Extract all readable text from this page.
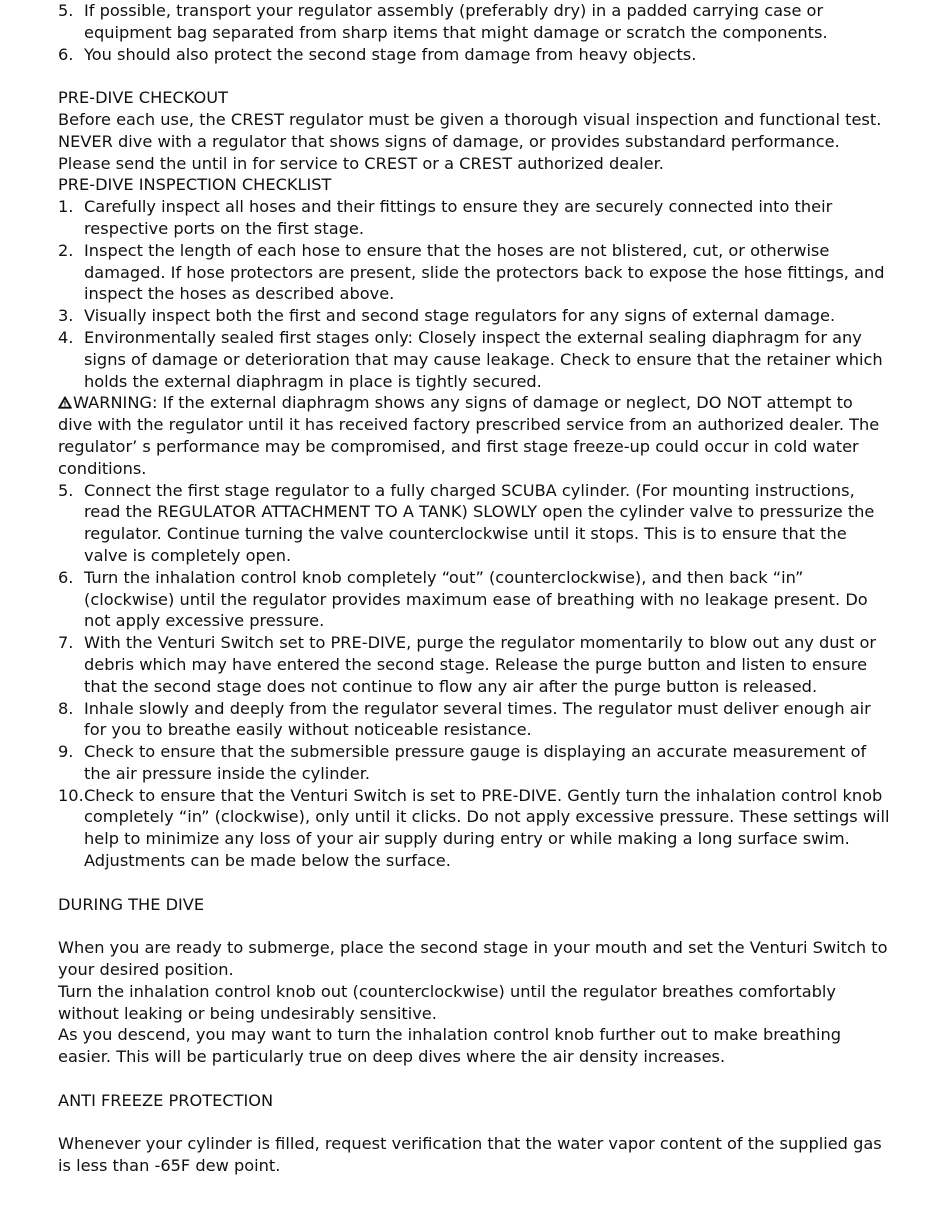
5. If possible, transport your regulator assembly (preferably dry) in a padded carrying case or equipment bag separated from sharp items that might damage or scratch the components.
6. You should also protect the second stage from damage from heavy objects.
PRE-DIVE CHECKOUT

Before each use, the CREST regulator must be given a thorough visual inspection and functional test. NEVER dive with a regulator that shows signs of damage, or provides substandard performance. Please send the until in for service to CREST or a CREST authorized dealer.

PRE-DIVE INSPECTION CHECKLIST
1. Carefully inspect all hoses and their fittings to ensure they are securely connected into their respective ports on the first stage.
2. Inspect the length of each hose to ensure that the hoses are not blistered, cut, or otherwise damaged. If hose protectors are present, slide the protectors back to expose the hose fittings, and inspect the hoses as described above.
3. Visually inspect both the first and second stage regulators for any signs of external damage.
4. Environmentally sealed first stages only: Closely inspect the external sealing diaphragm for any signs of damage or deterioration that may cause leakage. Check to ensure that the retainer which holds the external diaphragm in place is tightly secured.

WARNING: If the external diaphragm shows any signs of damage or neglect, DO NOT attempt to dive with the regulator until it has received factory prescribed service from an authorized dealer. The regulator’ s performance may be compromised, and first stage freeze-up could occur in cold water conditions.

5. Connect the first stage regulator to a fully charged SCUBA cylinder. (For mounting instructions, read the REGULATOR ATTACHMENT TO A TANK) SLOWLY open the cylinder valve to pressurize the regulator. Continue turning the valve counterclockwise until it stops. This is to ensure that the valve is completely open.
6. Turn the inhalation control knob completely “out” (counterclockwise), and then back “in” (clockwise) until the regulator provides maximum ease of breathing with no leakage present. Do not apply excessive pressure.
7. With the Venturi Switch set to PRE-DIVE, purge the regulator momentarily to blow out any dust or debris which may have entered the second stage. Release the purge button and listen to ensure that the second stage does not continue to flow any air after the purge button is released.
8. Inhale slowly and deeply from the regulator several times. The regulator must deliver enough air for you to breathe easily without noticeable resistance.
9. Check to ensure that the submersible pressure gauge is displaying an accurate measurement of the air pressure inside the cylinder.
10. Check to ensure that the Venturi Switch is set to PRE-DIVE. Gently turn the inhalation control knob completely “in” (clockwise), only until it clicks. Do not apply excessive pressure. These settings will help to minimize any loss of your air supply during entry or while making a long surface swim. Adjustments can be made below the surface.
DURING THE DIVE

When you are ready to submerge, place the second stage in your mouth and set the Venturi Switch to your desired position.

Turn the inhalation control knob out (counterclockwise) until the regulator breathes comfortably without leaking or being undesirably sensitive.

As you descend, you may want to turn the inhalation control knob further out to make breathing easier. This will be particularly true on deep dives where the air density increases.

ANTI FREEZE PROTECTION

Whenever your cylinder is filled, request verification that the water vapor content of the supplied gas is less than -65F dew point.
